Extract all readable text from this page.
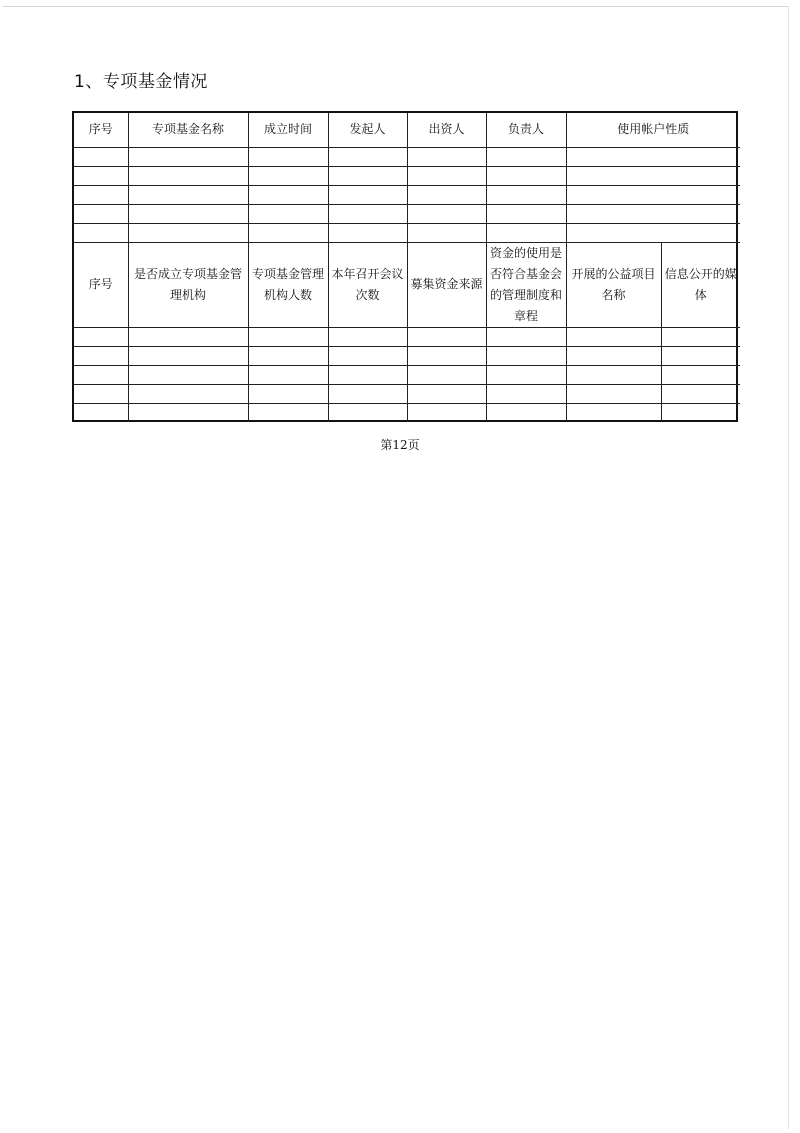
1、专项基金情况
序号	专项基金名称	成立时间	发起人	出资人	负责人	使用帐户性质	

序号	是否成立专项基金管理机构	专项基金管理机构人数	本年召开会议次数	募集资金来源	资金的使用是否符合基金会的管理制度和章程	开展的公益项目名称	信息公开的媒体

第12页
